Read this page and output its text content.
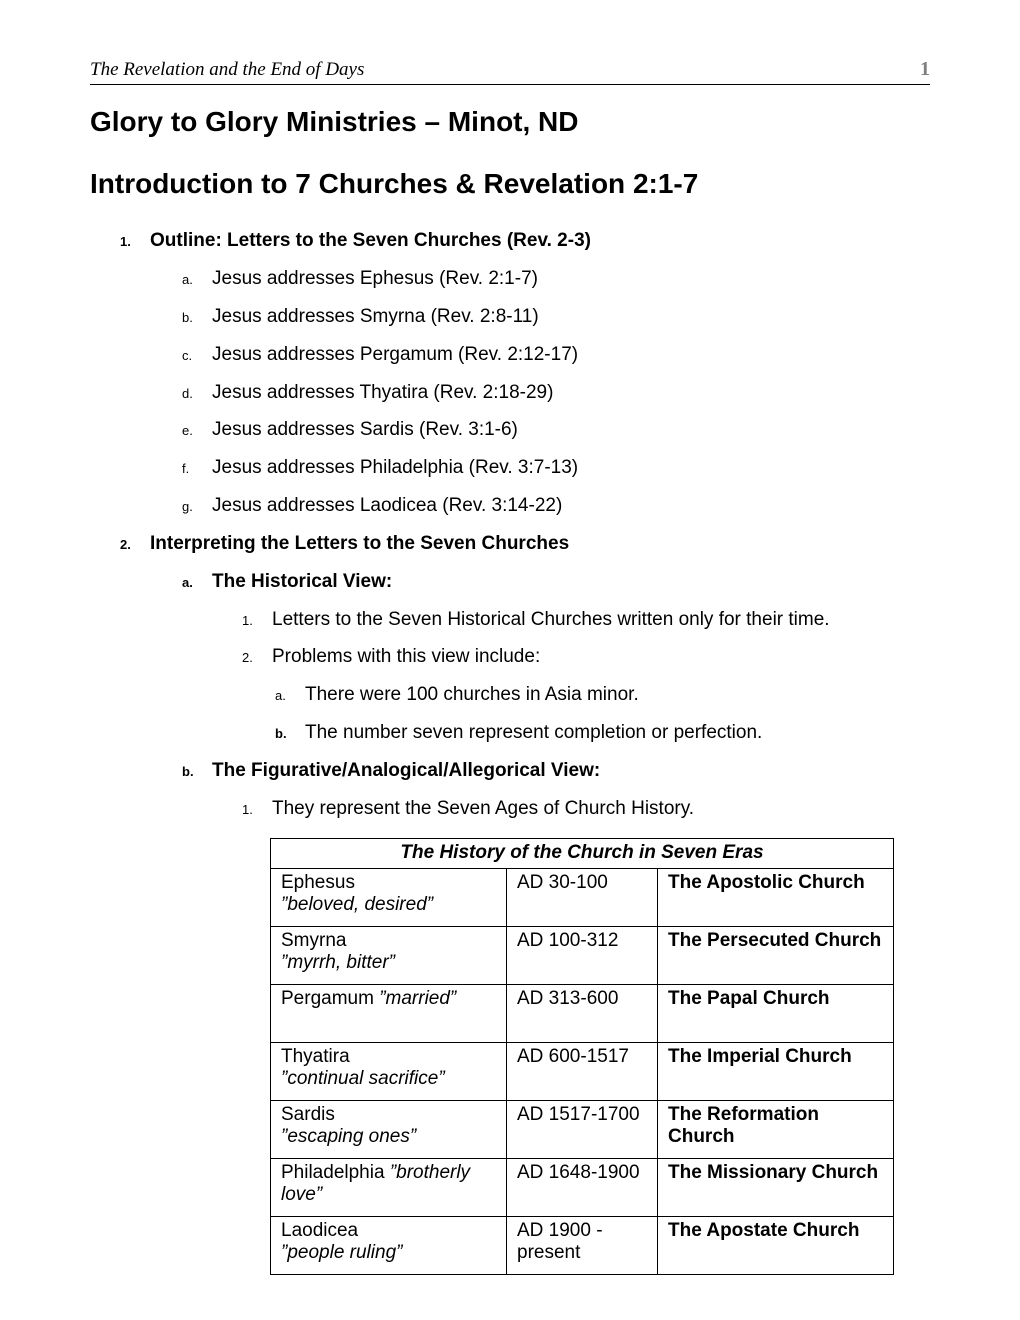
The Revelation and the End of Days	1
Glory to Glory Ministries – Minot, ND
Introduction to 7 Churches & Revelation 2:1-7
1.	Outline: Letters to the Seven Churches (Rev. 2-3)
a.	Jesus addresses Ephesus (Rev. 2:1-7)
b.	Jesus addresses Smyrna (Rev. 2:8-11)
c.	Jesus addresses Pergamum (Rev. 2:12-17)
d.	Jesus addresses Thyatira (Rev. 2:18-29)
e.	Jesus addresses Sardis (Rev. 3:1-6)
f.	Jesus addresses Philadelphia (Rev. 3:7-13)
g.	Jesus addresses Laodicea (Rev. 3:14-22)
2.	Interpreting the Letters to the Seven Churches
a.	The Historical View:
1.	Letters to the Seven Historical Churches written only for their time.
2.	Problems with this view include:
a.	There were 100 churches in Asia minor.
b. The number seven represent completion or perfection.
b. The Figurative/Analogical/Allegorical View:
1.	They represent the Seven Ages of Church History.
The History of the Church in Seven Eras		
Ephesus
”beloved, desired”	AD 30-100	The Apostolic Church
Smyrna
”myrrh, bitter”	AD 100-312	The Persecuted Church
Pergamum ”married”	AD 313-600	The Papal Church
Thyatira
”continual sacrifice”	AD 600-1517	The Imperial Church
Sardis
”escaping ones”	AD 1517-1700	The Reformation Church
Philadelphia ”brotherly love”	AD 1648-1900	The Missionary Church
Laodicea
”people ruling”	AD 1900 - present	The Apostate Church
